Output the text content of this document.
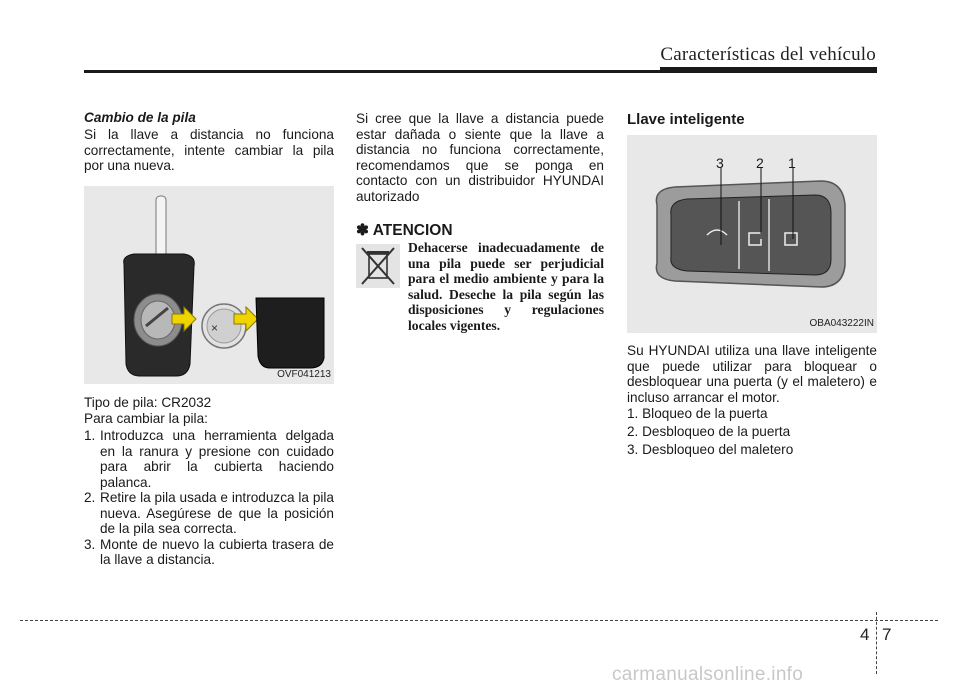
Características del vehículo
Cambio de la pila
Si la llave a distancia no funciona correctamente, intente cambiar la pila por una nueva.
×
OVF041213
Tipo de pila: CR2032
Para cambiar la pila:
1. Introduzca una herramienta delgada en la ranura y presione con cuidado para abrir la cubierta haciendo palanca.
2. Retire la pila usada e introduzca la pila nueva. Asegúrese de que la posición de la pila sea correcta.
3. Monte de nuevo la cubierta trasera de la llave a distancia.
Si cree que la llave a distancia puede estar dañada o siente que la llave a distancia no funciona correctamente, recomendamos que se ponga en contacto con un distribuidor HYUNDAI autorizado
✽ ATENCION
Dehacerse inadecuadamente de una pila puede ser perjudicial para el medio ambiente y para la salud. Deseche la pila según las disposiciones y regulaciones locales vigentes.
Llave inteligente
3 2 1
OBA043222IN
Su HYUNDAI utiliza una llave inteligente que puede utilizar para bloquear o desbloquear una puerta (y el maletero) e incluso arrancar el motor.
1. Bloqueo de la puerta
2. Desbloqueo de la puerta
3. Desbloqueo del maletero
4 7
carmanualsonline.info
